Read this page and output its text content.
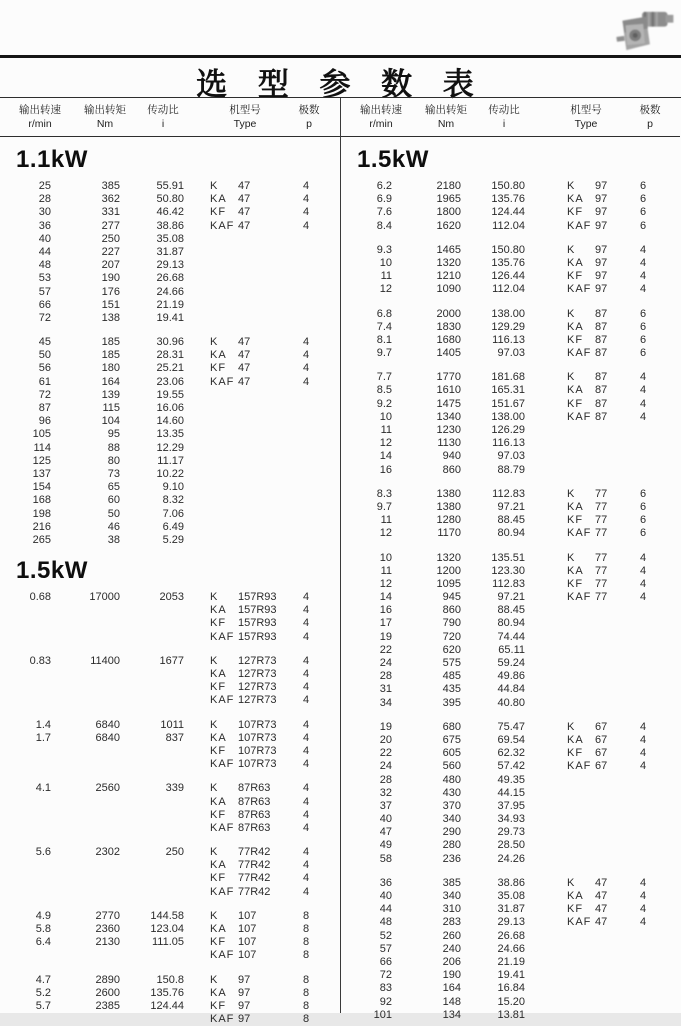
选 型 参 数 表
输出转速
r/min
输出转矩
Nm
传动比
i
机型号
Type
极数
p
1.1kW
25	385	55.91 K	47	4
28	362	50.80 KA	47	4
30	331	46.42 KF	47	4
36	277	38.86 KAF 47	4
40	250	35.08
44	227	31.87
48	207	29.13
53	190	26.68
57	176	24.66
66	151	21.19
72	138	19.41
45	185	30.96 K	47	4
50	185	28.31 KA	47	4
56	180	25.21 KF	47	4
61	164	23.06 KAF 47	4
72	139	19.55
87	115	16.06
96	104	14.60
105	95	13.35
114	88	12.29
125	80	11.17
137	73	10.22
154	65	9.10
168	60	8.32
198	50	7.06
216	46	6.49
265	38	5.29
1.5kW
0.68	17000	2053 K	157R93	4
KA	157R93	4
KF	157R93	4
KAF 157R93	4
0.83	11400	1677 K	127R73	4
KA	127R73	4
KF	127R73	4
KAF 127R73	4
1.4	6840	1011 K	107R73	4
1.7	6840	837 KA	107R73	4
KF	107R73	4
KAF 107R73	4
4.1	2560	339 K	87R63	4
KA	87R63	4
KF	87R63	4
KAF 87R63	4
5.6	2302	250 K	77R42	4
KA	77R42	4
KF	77R42	4
KAF 77R42	4
4.9	2770	144.58 K	107	8
5.8	2360	123.04 KA	107	8
6.4	2130	111.05 KF	107	8
KAF 107	8
4.7	2890	150.8 K	97	8
5.2	2600	135.76 KA	97	8
5.7	2385	124.44 KF	97	8
KAF 97	8
输出转速
r/min
输出转矩
Nm
传动比
i
机型号
Type
极数
p
1.5kW
6.2	2180	150.80	K	97	6
6.9	1965	135.76	KA	97	6
7.6	1800	124.44	KF	97	6
8.4	1620	112.04	KAF 97	6
9.3	1465	150.80	K	97	4
10	1320	135.76	KA	97	4
11	1210	126.44	KF	97	4
12	1090	112.04	KAF 97	4
6.8	2000	138.00	K	87	6
7.4	1830	129.29	KA	87	6
8.1	1680	116.13	KF	87	6
9.7	1405	97.03	KAF 87	6
7.7	1770	181.68	K	87	4
8.5	1610	165.31	KA	87	4
9.2	1475	151.67	KF	87	4
10	1340	138.00	KAF 87	4
11	1230	126.29
12	1130	116.13
14	940	97.03
16	860	88.79
8.3	1380	112.83	K	77	6
9.7	1380	97.21	KA	77	6
11	1280	88.45	KF	77	6
12	1170	80.94	KAF 77	6
10	1320	135.51	K	77	4
11	1200	123.30	KA	77	4
12	1095	112.83	KF	77	4
14	945	97.21	KAF 77	4
16	860	88.45
17	790	80.94
19	720	74.44
22	620	65.11
24	575	59.24
28	485	49.86
31	435	44.84
34	395	40.80
19	680	75.47	K	67	4
20	675	69.54	KA	67	4
22	605	62.32	KF	67	4
24	560	57.42	KAF 67	4
28	480	49.35
32	430	44.15
37	370	37.95
40	340	34.93
47	290	29.73
49	280	28.50
58	236	24.26
36	385	38.86	K	47	4
40	340	35.08	KA	47	4
44	310	31.87	KF	47	4
48	283	29.13	KAF 47	4
52	260	26.68
57	240	24.66
66	206	21.19
72	190	19.41
83	164	16.84
92	148	15.20
101	134	13.81
